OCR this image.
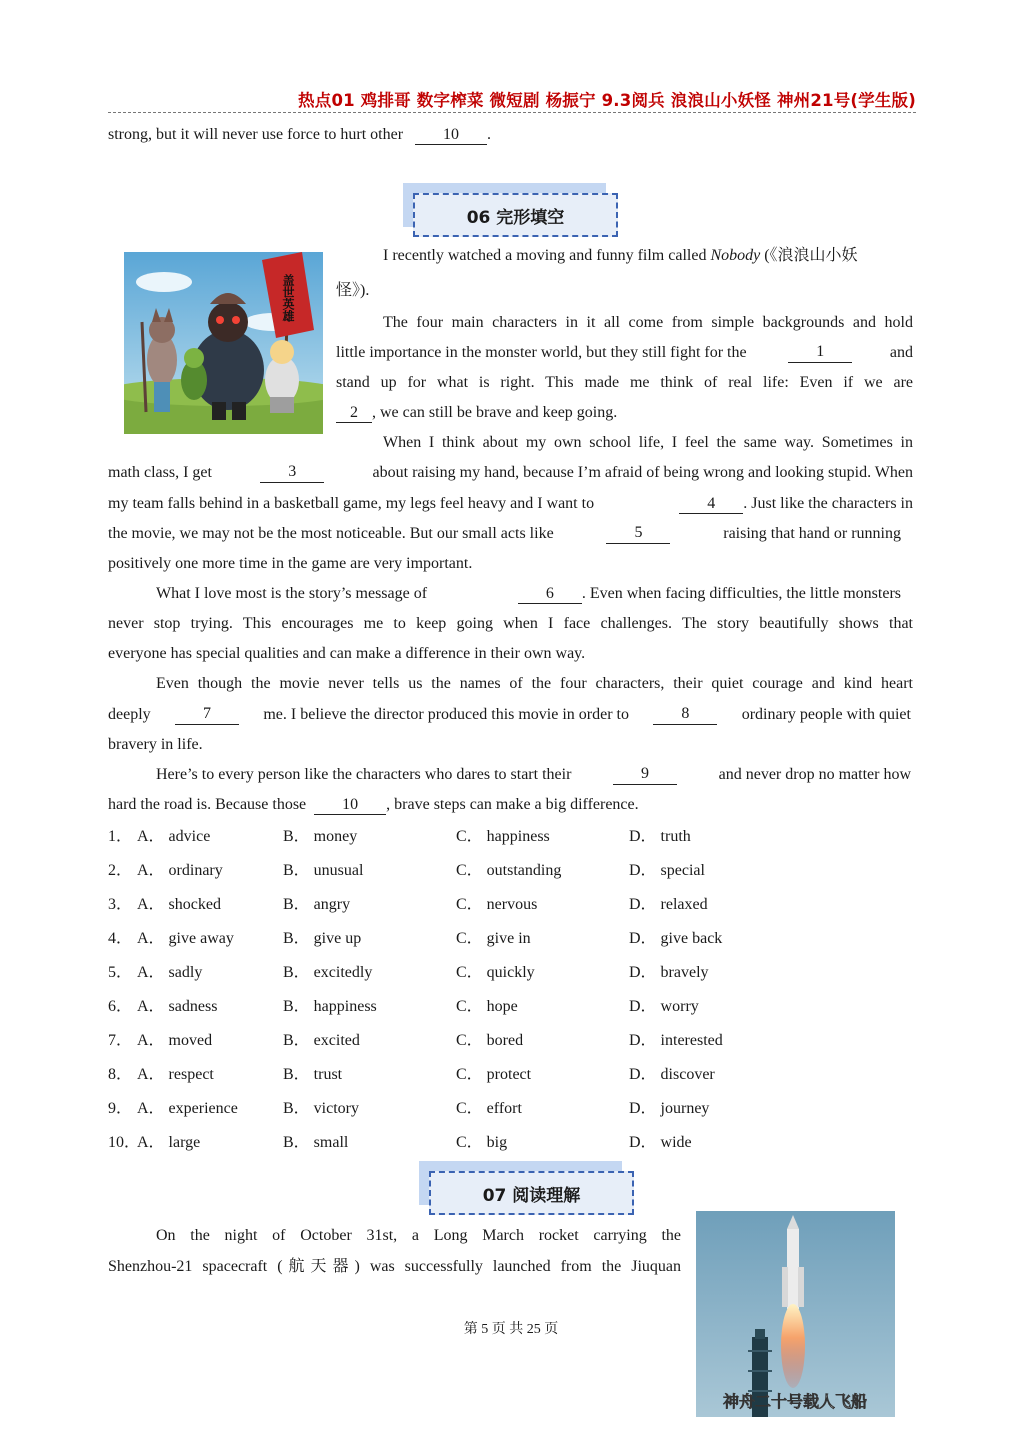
热点01 鸡排哥 数字榨菜 微短剧 杨振宁 9.3阅兵 浪浪山小妖怪 神州21号(学生版)
strong, but it will never use force to hurt other	10 .
06 完形填空
盖世英雄
I recently watched a moving and funny film called Nobody (《浪浪山小妖
怪》).
The four main characters in it all come from simple backgrounds and hold
little importance in the monster world, but they still fight for the	1	and
stand up for what is right. This made me think of real life: Even if we are
2 , we can still be brave and keep going.
When I think about my own school life, I feel the same way. Sometimes in
math class, I get	3	about raising my hand, because I’m afraid of being wrong and looking stupid. When
my team falls behind in a basketball game, my legs feel heavy and I want to	4 . Just like the characters in
the movie, we may not be the most noticeable. But our small acts like	5	raising that hand or running
positively one more time in the game are very important.
What I love most is the story’s message of	6 . Even when facing difficulties, the little monsters
never stop trying. This encourages me to keep going when I face challenges. The story beautifully shows that
everyone has special qualities and can make a difference in their own way.
Even though the movie never tells us the names of the four characters, their quiet courage and kind heart
deeply	7	me. I believe the director produced this movie in order to	8	ordinary people with quiet
bravery in life.
Here’s to every person like the characters who dares to start their	9	and never drop no matter how
hard the road is. Because those 10 , brave steps can make a big difference.
1． A． advice	B． money	C． happiness	D． truth
2． A． ordinary	B． unusual	C． outstanding	D． special
3． A． shocked	B． angry	C． nervous	D． relaxed
4． A． give away	B． give up	C． give in	D． give back
5． A． sadly	B． excitedly	C． quickly	D． bravely
6． A． sadness	B． happiness	C． hope	D． worry
7． A． moved	B． excited	C． bored	D． interested
8． A． respect	B． trust	C． protect	D． discover
9． A． experience	B． victory	C． effort	D． journey
10．
A． large	B． small	C． big	D． wide
07 阅读理解
On the night of October 31st, a Long March rocket carrying the
Shenzhou-21 spacecraft (航天器) was successfully launched from the Jiuquan
神舟二十号载人飞船
第 5 页 共 25 页
